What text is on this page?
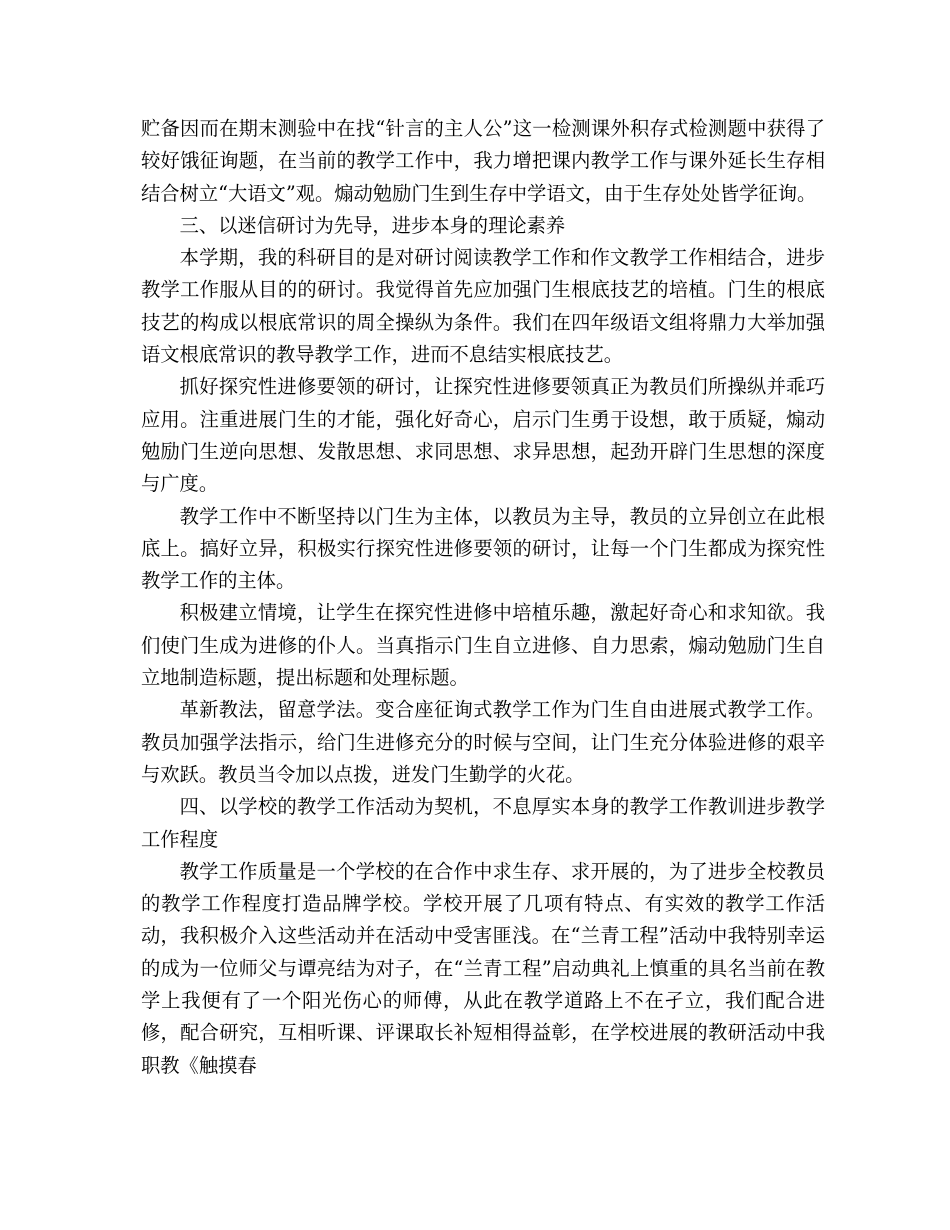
贮备因而在期末测验中在找“针言的主人公”这一检测课外积存式检测题中获得了较好饿征询题，在当前的教学工作中，我力增把课内教学工作与课外延长生存相结合树立“大语文”观。煽动勉励门生到生存中学语文，由于生存处处皆学征询。

三、以迷信研讨为先导，进步本身的理论素养

本学期，我的科研目的是对研讨阅读教学工作和作文教学工作相结合，进步教学工作服从目的的研讨。我觉得首先应加强门生根底技艺的培植。门生的根底技艺的构成以根底常识的周全操纵为条件。我们在四年级语文组将鼎力大举加强语文根底常识的教导教学工作，进而不息结实根底技艺。

抓好探究性进修要领的研讨，让探究性进修要领真正为教员们所操纵并乖巧应用。注重进展门生的才能，强化好奇心，启示门生勇于设想，敢于质疑，煽动勉励门生逆向思想、发散思想、求同思想、求异思想，起劲开辟门生思想的深度与广度。

教学工作中不断坚持以门生为主体，以教员为主导，教员的立异创立在此根底上。搞好立异，积极实行探究性进修要领的研讨，让每一个门生都成为探究性教学工作的主体。

积极建立情境，让学生在探究性进修中培植乐趣，激起好奇心和求知欲。我们使门生成为进修的仆人。当真指示门生自立进修、自力思索，煽动勉励门生自立地制造标题，提出标题和处理标题。

革新教法，留意学法。变合座征询式教学工作为门生自由进展式教学工作。教员加强学法指示，给门生进修充分的时候与空间，让门生充分体验进修的艰辛与欢跃。教员当令加以点拨，迸发门生勤学的火花。

四、以学校的教学工作活动为契机，不息厚实本身的教学工作教训进步教学工作程度

教学工作质量是一个学校的在合作中求生存、求开展的，为了进步全校教员的教学工作程度打造品牌学校。学校开展了几项有特点、有实效的教学工作活动，我积极介入这些活动并在活动中受害匪浅。在“兰青工程”活动中我特别幸运的成为一位师父与谭亮结为对子，在“兰青工程”启动典礼上慎重的具名当前在教学上我便有了一个阳光伤心的师傅，从此在教学道路上不在孑立，我们配合进修，配合研究，互相听课、评课取长补短相得益彰，在学校进展的教研活动中我职教《触摸春
